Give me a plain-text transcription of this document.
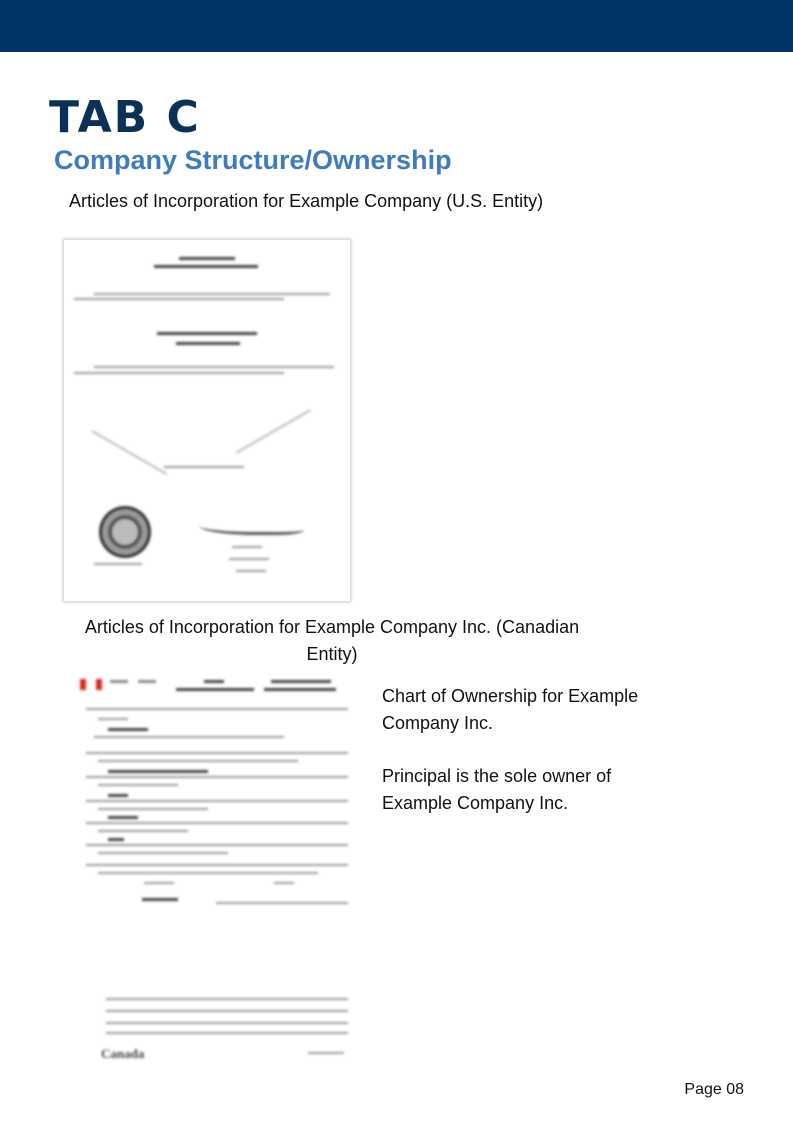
TAB C
Company Structure/Ownership

Articles of Incorporation for Example Company (U.S. Entity)

Articles of Incorporation for Example Company Inc. (Canadian Entity)

Canada

Chart of Ownership for Example Company Inc.

Principal is the sole owner of Example Company Inc.

Page 08
